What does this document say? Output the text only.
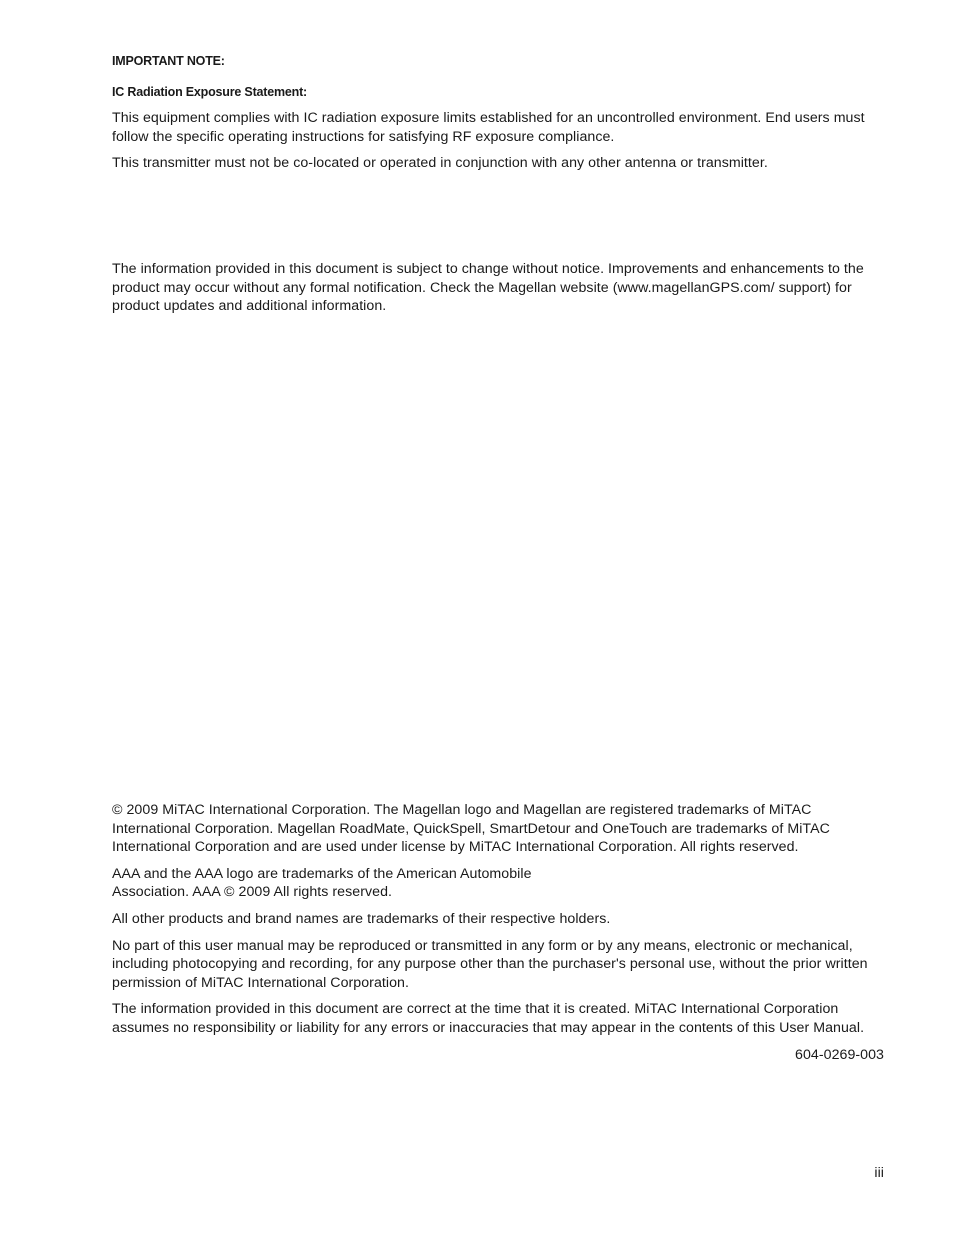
IMPORTANT NOTE:
IC Radiation Exposure Statement:

This equipment complies with IC radiation exposure limits established for an uncontrolled environment. End users must follow the specific operating instructions for satisfying RF exposure compliance.

This transmitter must not be co-located or operated in conjunction with any other antenna or transmitter.

The information provided in this document is subject to change without notice. Improvements and enhancements to the product may occur without any formal notification. Check the Magellan website (www.magellanGPS.com/ support) for product updates and additional information.

© 2009 MiTAC International Corporation. The Magellan logo and Magellan are registered trademarks of MiTAC International Corporation. Magellan RoadMate, QuickSpell, SmartDetour and OneTouch are trademarks of MiTAC International Corporation and are used under license by MiTAC International Corporation. All rights reserved.

AAA and the AAA logo are trademarks of the American Automobile
Association. AAA © 2009 All rights reserved.

All other products and brand names are trademarks of their respective holders.

No part of this user manual may be reproduced or transmitted in any form or by any means, electronic or mechanical, including photocopying and recording, for any purpose other than the purchaser's personal use, without the prior written permission of MiTAC International Corporation.

The information provided in this document are correct at the time that it is created. MiTAC International Corporation assumes no responsibility or liability for any errors or inaccuracies that may appear in the contents of this User Manual.

604-0269-003

iii
